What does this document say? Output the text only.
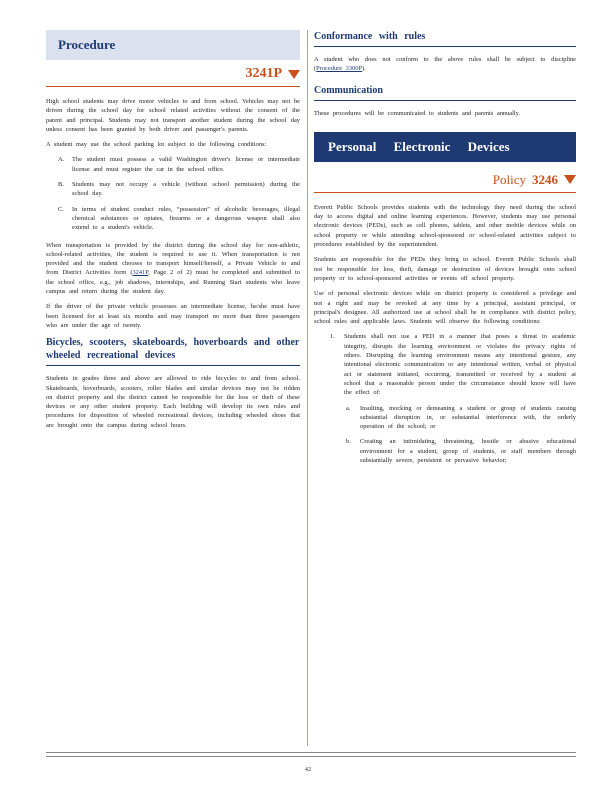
Procedure
3241P

High school students may drive motor vehicles to and from school. Vehicles may not be driven during the school day for school related activities without the consent of the parent and principal. Students may not transport another student during the school day unless consent has been granted by both driver and passenger's parents.

A student may use the school parking lot subject to the following conditions:

A. The student must possess a valid Washington driver's license or intermediate license and must register the car in the school office.
B. Students may not occupy a vehicle (without school permission) during the school day.
C. In terms of student conduct rules, “possession” of alcoholic beverages, illegal chemical substances or opiates, firearms or a dangerous weapon shall also extend to a student's vehicle.

When transportation is provided by the district during the school day for non-athletic, school-related activities, the student is required to use it. When transportation is not provided and the student chooses to transport himself/herself, a Private Vehicle to and from District Activities form (3241P, Page 2 of 2) must be completed and submitted to the school office, e.g., job shadows, internships, and Running Start students who leave campus and return during the student day.

If the driver of the private vehicle possesses an intermediate license, he/she must have been licensed for at least six months and may transport no more than three passengers who are under the age of twenty.

Bicycles, scooters, skateboards, hoverboards and other wheeled recreational devices

Students in grades three and above are allowed to ride bicycles to and from school. Skateboards, hoverboards, scooters, roller blades and similar devices may not be ridden on district property and the district cannot be responsible for the loss or theft of these devices or any other student property. Each building will develop its own rules and procedures for disposition of wheeled recreational devices, including wheeled shoes that are brought onto the campus during school hours.

Conformance with rules

A student who does not conform to the above rules shall be subject to discipline (Procedure 3300P).

Communication

These procedures will be communicated to students and parents annually.

Personal Electronic Devices
Policy 3246

Everett Public Schools provides students with the technology they need during the school day to access digital and online learning experiences. However, students may use personal electronic devices (PEDs), such as cell phones, tablets, and other mobile devices while on school property or while attending school-sponsored or school-related activities subject to procedures established by the superintendent.

Students are responsible for the PEDs they bring to school. Everett Public Schools shall not be responsible for loss, theft, damage or destruction of devices brought onto school property or to school-sponsored activities or events off school property.

Use of personal electronic devices while on district property is considered a privilege and not a right and may be revoked at any time by a principal, assistant principal, or principal's designee. All authorized use at school shall be in compliance with district policy, school rules and applicable laws. Students will observe the following conditions:

1. Students shall not use a PED in a manner that poses a threat to academic integrity, disrupts the learning environment or violates the privacy rights of others. Disrupting the learning environment means any intentional gesture, any intentional electronic communication or any intentional written, verbal or physical act or statement initiated, occurring, transmitted or received by a student at school that a reasonable person under the circumstance should know will have the effect of:
a. Insulting, mocking or demeaning a student or group of students causing substantial disruption in, or substantial interference with, the orderly operation of the school; or
b. Creating an intimidating, threatening, hostile or abusive educational environment for a student, group of students, or staff members through substantially severe, persistent or pervasive behavior;
42
